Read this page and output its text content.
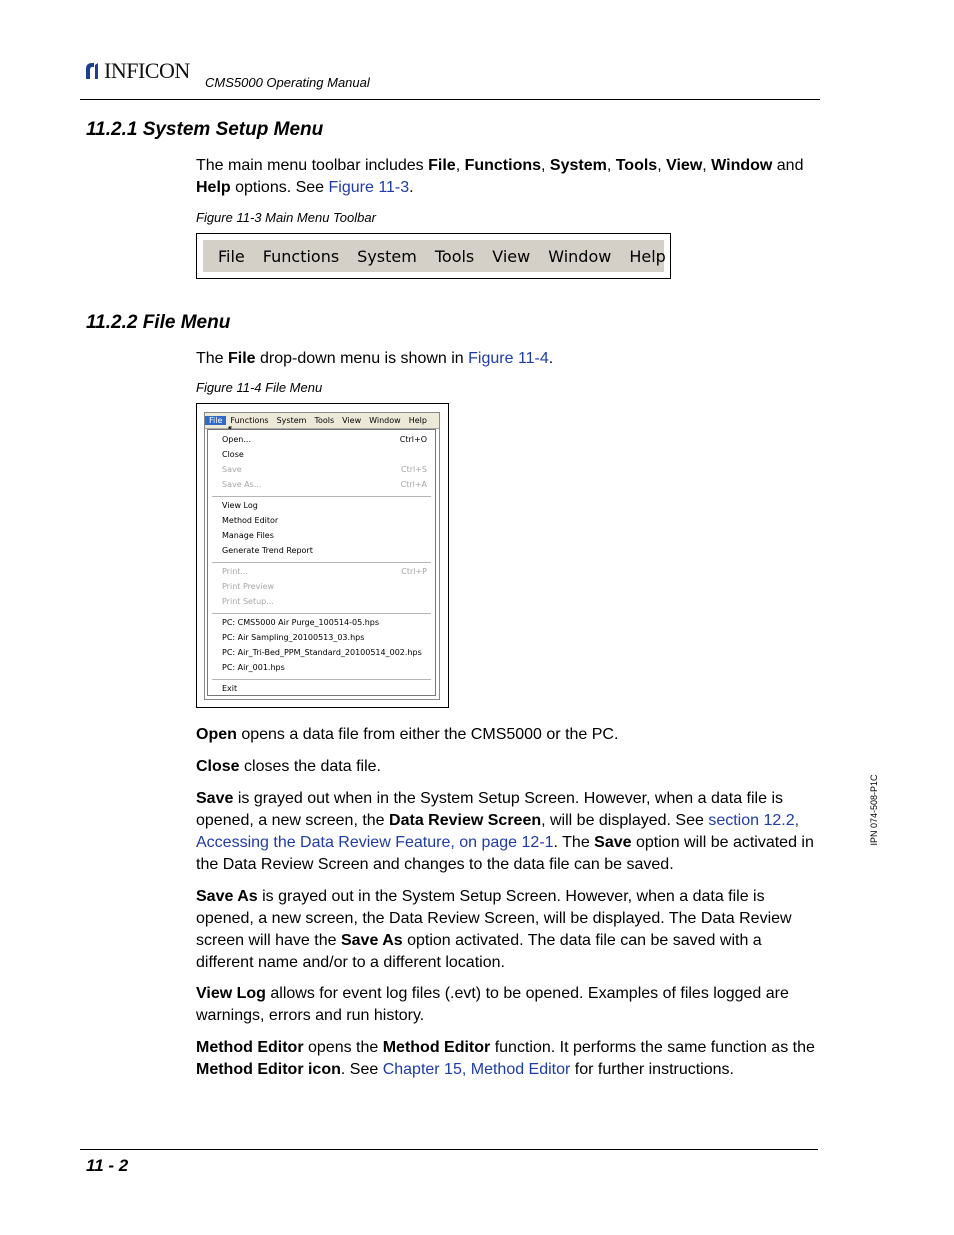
INFICON CMS5000 Operating Manual
11.2.1 System Setup Menu
The main menu toolbar includes File, Functions, System, Tools, View, Window and Help options. See Figure 11-3.
Figure 11-3 Main Menu Toolbar
File	Functions	System	Tools	View	Window	Help
11.2.2 File Menu
The File drop-down menu is shown in Figure 11-4.
Figure 11-4 File Menu
File	Functions	System	Tools	View	Window	Help
Open...	Ctrl+O
Close
Save	Ctrl+S
Save As...	Ctrl+A
View Log
Method Editor
Manage Files
Generate Trend Report
Print...	Ctrl+P
Print Preview
Print Setup...
PC: CMS5000 Air Purge_100514-05.hps
PC: Air Sampling_20100513_03.hps
PC: Air_Tri-Bed_PPM_Standard_20100514_002.hps
PC: Air_001.hps
Exit
Open opens a data file from either the CMS5000 or the PC.
Close closes the data file.
Save is grayed out when in the System Setup Screen. However, when a data file is opened, a new screen, the Data Review Screen, will be displayed. See section 12.2, Accessing the Data Review Feature, on page 12-1. The Save option will be activated in the Data Review Screen and changes to the data file can be saved.
Save As is grayed out in the System Setup Screen. However, when a data file is opened, a new screen, the Data Review Screen, will be displayed. The Data Review screen will have the Save As option activated. The data file can be saved with a different name and/or to a different location.
View Log allows for event log files (.evt) to be opened. Examples of files logged are warnings, errors and run history.
Method Editor opens the Method Editor function. It performs the same function as the Method Editor icon. See Chapter 15, Method Editor for further instructions.
IPN 074-508-P1C
11 - 2
